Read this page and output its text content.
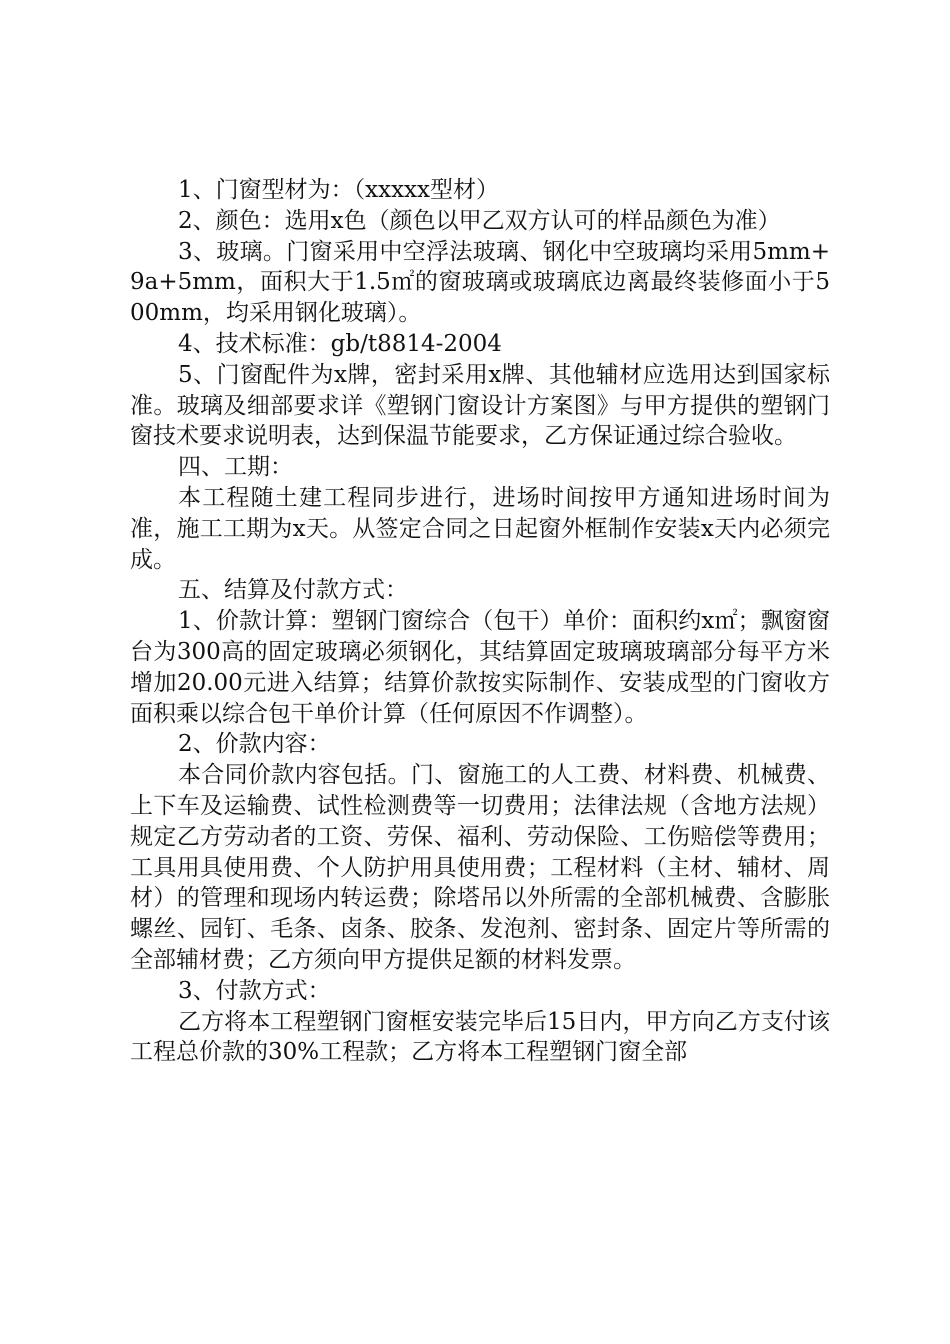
1、门窗型材为：（xxxxx型材）

2、颜色：选用x色（颜色以甲乙双方认可的样品颜色为准）

3、玻璃。门窗采用中空浮法玻璃、钢化中空玻璃均采用5mm+9a+5mm，面积大于1.5㎡的窗玻璃或玻璃底边离最终装修面小于500mm，均采用钢化玻璃）。

4、技术标准：gb/t8814-2004

5、门窗配件为x牌，密封采用x牌、其他辅材应选用达到国家标准。玻璃及细部要求详《塑钢门窗设计方案图》与甲方提供的塑钢门窗技术要求说明表，达到保温节能要求，乙方保证通过综合验收。

四、工期：

本工程随土建工程同步进行，进场时间按甲方通知进场时间为准，施工工期为x天。从签定合同之日起窗外框制作安装x天内必须完成。

五、结算及付款方式：

1、价款计算：塑钢门窗综合（包干）单价：面积约x㎡；飘窗窗台为300高的固定玻璃必须钢化，其结算固定玻璃玻璃部分每平方米增加20.00元进入结算；结算价款按实际制作、安装成型的门窗收方面积乘以综合包干单价计算（任何原因不作调整）。

2、价款内容：

本合同价款内容包括。门、窗施工的人工费、材料费、机械费、上下车及运输费、试性检测费等一切费用；法律法规（含地方法规）规定乙方劳动者的工资、劳保、福利、劳动保险、工伤赔偿等费用；工具用具使用费、个人防护用具使用费；工程材料（主材、辅材、周材）的管理和现场内转运费；除塔吊以外所需的全部机械费、含膨胀螺丝、园钉、毛条、卤条、胶条、发泡剂、密封条、固定片等所需的全部辅材费；乙方须向甲方提供足额的材料发票。

3、付款方式：

乙方将本工程塑钢门窗框安装完毕后15日内，甲方向乙方支付该工程总价款的30%工程款；乙方将本工程塑钢门窗全部
